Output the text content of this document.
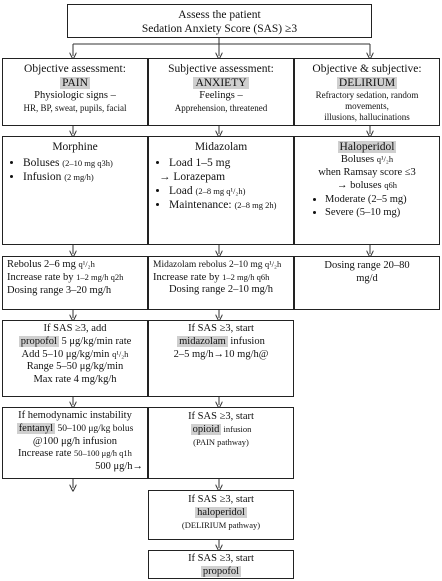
Assess the patient
Sedation Anxiety Score (SAS) ≥3
Objective assessment:
PAIN
Physiologic signs –
HR, BP, sweat, pupils, facial
Subjective assessment:
ANXIETY
Feelings –
Apprehension, threatened
Objective & subjective:
DELIRIUM
Refractory sedation, random movements,
illusions, hallucinations
Morphine
• Boluses (2–10 mg q3h)
• Infusion (2 mg/h)
Midazolam
• Load 1–5 mg
→ Lorazepam
• Load (2–8 mg q¹/₂h)
• Maintenance: (2–8 mg 2h)
Haloperidol
Boluses q¹/₂h
when Ramsay score ≤3
→ boluses q6h
• Moderate (2–5 mg)
• Severe (5–10 mg)
Rebolus 2–6 mg q¹/₂h
Increase rate by 1–2 mg/h q2h
Dosing range 3–20 mg/h
Midazolam rebolus 2–10 mg q¹/₂h
Increase rate by 1–2 mg/h q6h
Dosing range 2–10 mg/h
Dosing range 20–80
mg/d
If SAS ≥3, add
propofol 5 μg/kg/min rate
Add 5–10 μg/kg/min q¹/₂h
Range 5–50 μg/kg/min
Max rate 4 mg/kg/h
If SAS ≥3, start
midazolam infusion
2–5 mg/h→10 mg/h@
If hemodynamic instability
fentanyl 50–100 μg/kg bolus
@100 μg/h infusion
Increase rate 50–100 μg/h q1h
500 μg/h→
If SAS ≥3, start
opioid infusion
(PAIN pathway)
If SAS ≥3, start
haloperidol
(DELIRIUM pathway)
If SAS ≥3, start
propofol
